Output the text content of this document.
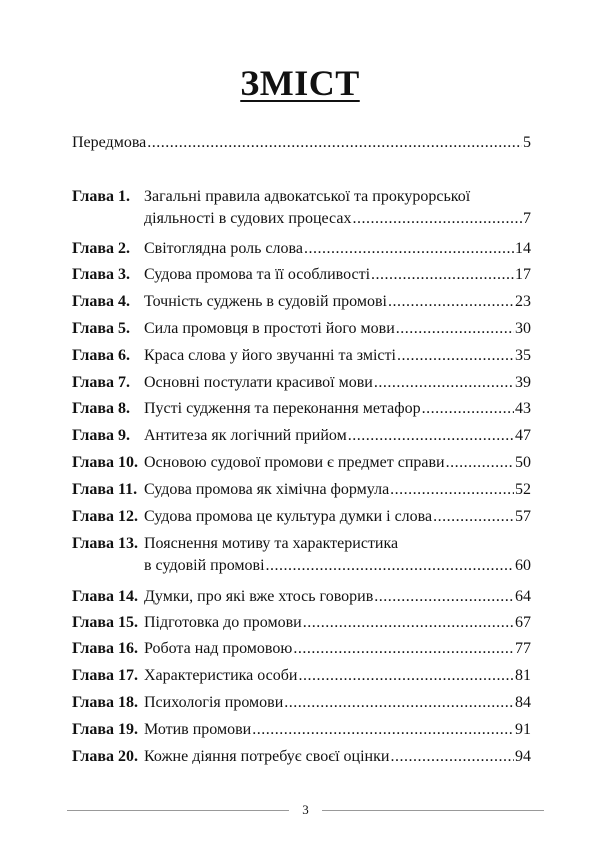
ЗМІСТ
Передмова .....	5
Глава 1. Загальні правила адвокатської та прокурорської
діяльності в судових процесах .....	7
Глава 2. Світоглядна роль слова .....	14
Глава 3. Судова промова та її особливості .....	17
Глава 4. Точність суджень в судовій промові .....	23
Глава 5. Сила промовця в простоті його мови .....	30
Глава 6. Краса слова у його звучанні та змісті .....	35
Глава 7. Основні постулати красивої мови .....	39
Глава 8. Пусті судження та переконання метафор .....	43
Глава 9. Антитеза як логічний прийом .....	47
Глава 10. Основою судової промови є предмет справи .....	50
Глава 11. Судова промова як хімічна формула .....	52
Глава 12. Судова промова це культура думки і слова .....	57
Глава 13. Пояснення мотиву та характеристика
в судовій промові .....	60
Глава 14. Думки, про які вже хтось говорив .....	64
Глава 15. Підготовка до промови .....	67
Глава 16. Робота над промовою .....	77
Глава 17. Характеристика особи .....	81
Глава 18. Психологія промови .....	84
Глава 19. Мотив промови .....	91
Глава 20. Кожне діяння потребує своєї оцінки .....	94
3
